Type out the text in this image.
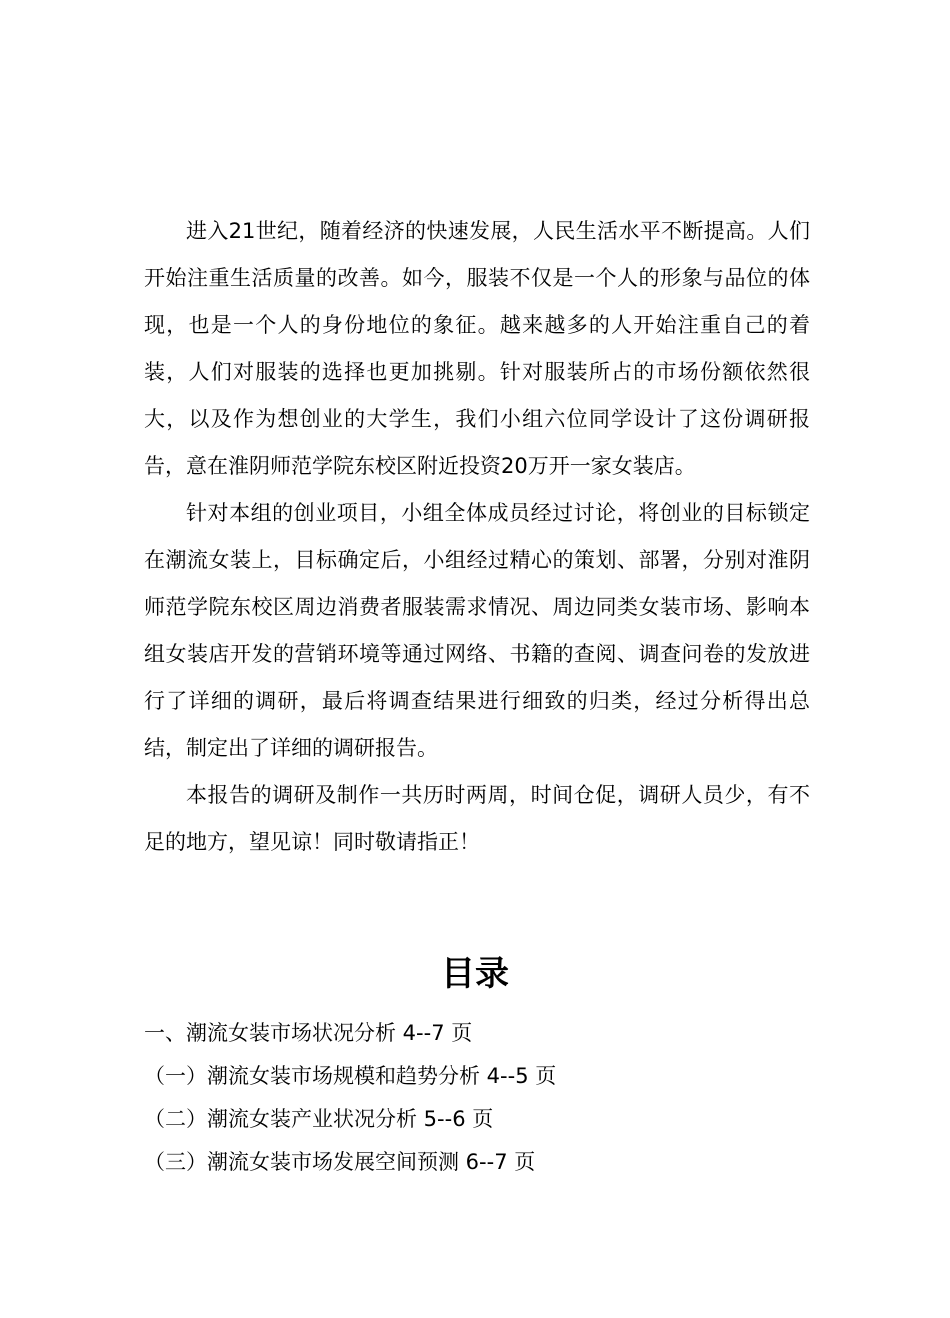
进入21世纪，随着经济的快速发展，人民生活水平不断提高。人们开始注重生活质量的改善。如今，服装不仅是一个人的形象与品位的体现，也是一个人的身份地位的象征。越来越多的人开始注重自己的着装，人们对服装的选择也更加挑剔。针对服装所占的市场份额依然很大，以及作为想创业的大学生，我们小组六位同学设计了这份调研报告，意在淮阴师范学院东校区附近投资20万开一家女装店。

针对本组的创业项目，小组全体成员经过讨论，将创业的目标锁定在潮流女装上，目标确定后，小组经过精心的策划、部署，分别对淮阴师范学院东校区周边消费者服装需求情况、周边同类女装市场、影响本组女装店开发的营销环境等通过网络、书籍的查阅、调查问卷的发放进行了详细的调研，最后将调查结果进行细致的归类，经过分析得出总结，制定出了详细的调研报告。

本报告的调研及制作一共历时两周，时间仓促，调研人员少，有不足的地方，望见谅！同时敬请指正！

目录
一、潮流女装市场状况分析 4--7 页
（一）潮流女装市场规模和趋势分析 4--5 页
（二）潮流女装产业状况分析 5--6 页
（三）潮流女装市场发展空间预测 6--7 页
